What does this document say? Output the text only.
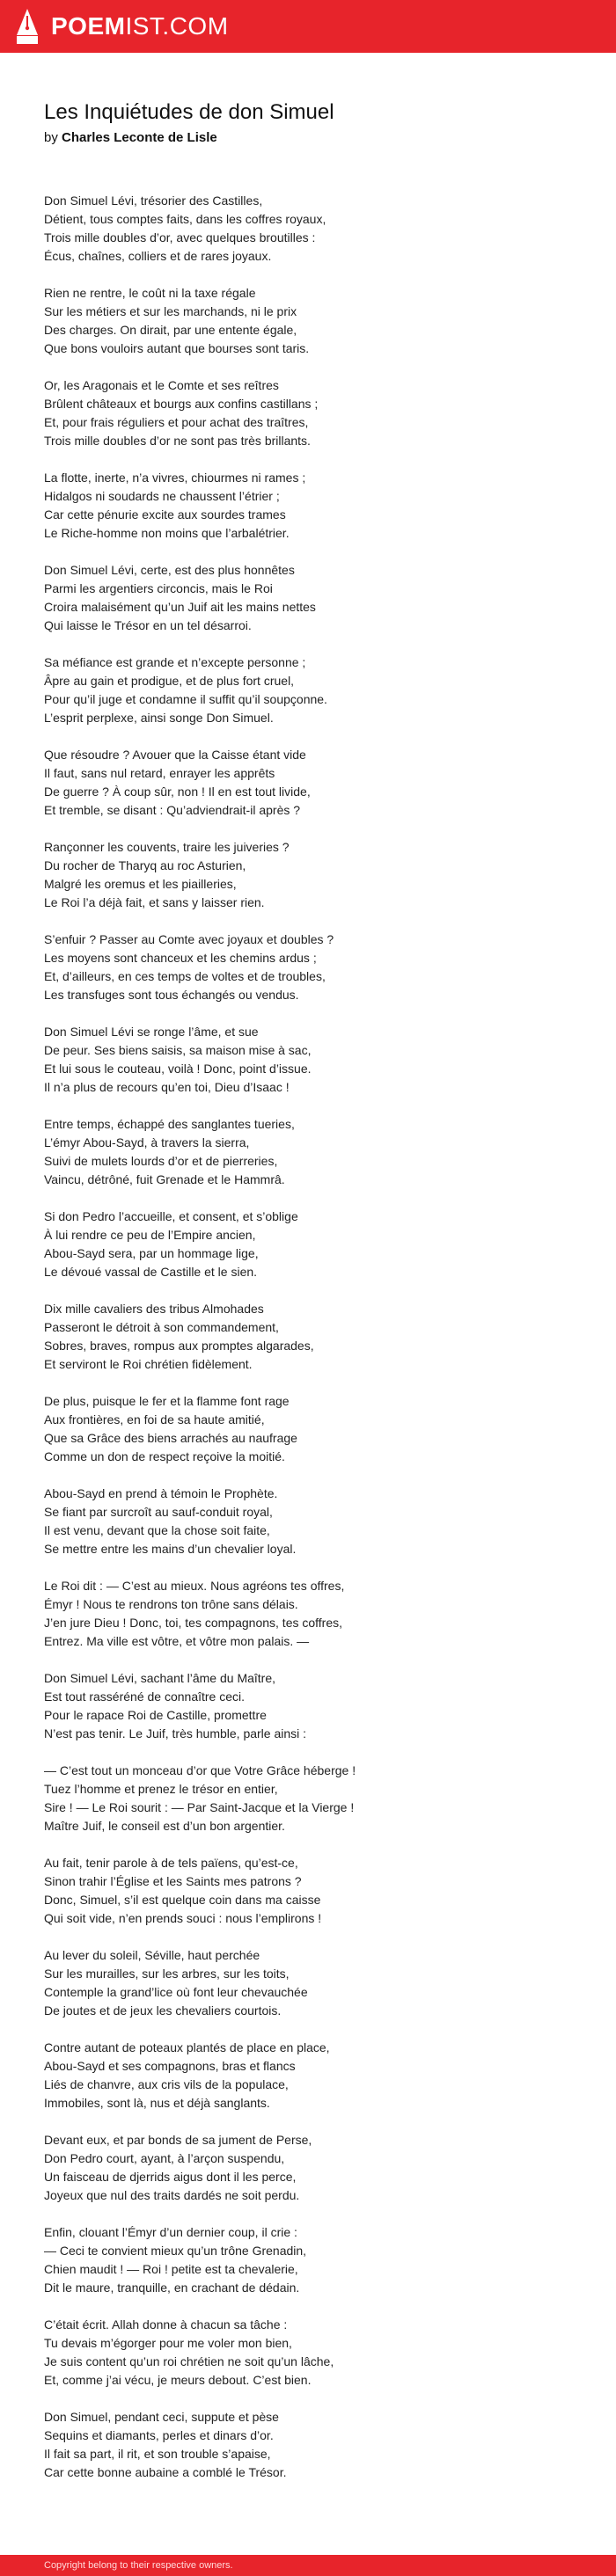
POEMIST.COM
Les Inquiétudes de don Simuel
by Charles Leconte de Lisle

Don Simuel Lévi, trésorier des Castilles,
Détient, tous comptes faits, dans les coffres royaux,
Trois mille doubles d’or, avec quelques broutilles :
Écus, chaînes, colliers et de rares joyaux.

Rien ne rentre, le coût ni la taxe régale
Sur les métiers et sur les marchands, ni le prix
Des charges. On dirait, par une entente égale,
Que bons vouloirs autant que bourses sont taris.

Or, les Aragonais et le Comte et ses reîtres
Brûlent châteaux et bourgs aux confins castillans ;
Et, pour frais réguliers et pour achat des traîtres,
Trois mille doubles d’or ne sont pas très brillants.

La flotte, inerte, n’a vivres, chiourmes ni rames ;
Hidalgos ni soudards ne chaussent l’étrier ;
Car cette pénurie excite aux sourdes trames
Le Riche-homme non moins que l’arbalétrier.

Don Simuel Lévi, certe, est des plus honnêtes
Parmi les argentiers circoncis, mais le Roi
Croira malaisément qu’un Juif ait les mains nettes
Qui laisse le Trésor en un tel désarroi.

Sa méfiance est grande et n’excepte personne ;
Âpre au gain et prodigue, et de plus fort cruel,
Pour qu’il juge et condamne il suffit qu’il soupçonne.
L’esprit perplexe, ainsi songe Don Simuel.

Que résoudre ? Avouer que la Caisse étant vide
Il faut, sans nul retard, enrayer les apprêts
De guerre ? À coup sûr, non ! Il en est tout livide,
Et tremble, se disant : Qu’adviendrait-il après ?

Rançonner les couvents, traire les juiveries ?
Du rocher de Tharyq au roc Asturien,
Malgré les oremus et les piailleries,
Le Roi l’a déjà fait, et sans y laisser rien.

S’enfuir ? Passer au Comte avec joyaux et doubles ?
Les moyens sont chanceux et les chemins ardus ;
Et, d’ailleurs, en ces temps de voltes et de troubles,
Les transfuges sont tous échangés ou vendus.

Don Simuel Lévi se ronge l’âme, et sue
De peur. Ses biens saisis, sa maison mise à sac,
Et lui sous le couteau, voilà ! Donc, point d’issue.
Il n’a plus de recours qu’en toi, Dieu d’Isaac !

Entre temps, échappé des sanglantes tueries,
L’émyr Abou-Sayd, à travers la sierra,
Suivi de mulets lourds d’or et de pierreries,
Vaincu, détrôné, fuit Grenade et le Hammrâ.

Si don Pedro l’accueille, et consent, et s’oblige
À lui rendre ce peu de l’Empire ancien,
Abou-Sayd sera, par un hommage lige,
Le dévoué vassal de Castille et le sien.

Dix mille cavaliers des tribus Almohades
Passeront le détroit à son commandement,
Sobres, braves, rompus aux promptes algarades,
Et serviront le Roi chrétien fidèlement.

De plus, puisque le fer et la flamme font rage
Aux frontières, en foi de sa haute amitié,
Que sa Grâce des biens arrachés au naufrage
Comme un don de respect reçoive la moitié.

Abou-Sayd en prend à témoin le Prophète.
Se fiant par surcroît au sauf-conduit royal,
Il est venu, devant que la chose soit faite,
Se mettre entre les mains d’un chevalier loyal.

Le Roi dit : — C’est au mieux. Nous agréons tes offres,
Émyr ! Nous te rendrons ton trône sans délais.
J’en jure Dieu ! Donc, toi, tes compagnons, tes coffres,
Entrez. Ma ville est vôtre, et vôtre mon palais. —

Don Simuel Lévi, sachant l’âme du Maître,
Est tout rasséréné de connaître ceci.
Pour le rapace Roi de Castille, promettre
N’est pas tenir. Le Juif, très humble, parle ainsi :

— C’est tout un monceau d’or que Votre Grâce héberge !
Tuez l’homme et prenez le trésor en entier,
Sire ! — Le Roi sourit : — Par Saint-Jacque et la Vierge !
Maître Juif, le conseil est d’un bon argentier.

Au fait, tenir parole à de tels païens, qu’est-ce,
Sinon trahir l’Église et les Saints mes patrons ?
Donc, Simuel, s’il est quelque coin dans ma caisse
Qui soit vide, n’en prends souci : nous l’emplirons !

Au lever du soleil, Séville, haut perchée
Sur les murailles, sur les arbres, sur les toits,
Contemple la grand’lice où font leur chevauchée
De joutes et de jeux les chevaliers courtois.

Contre autant de poteaux plantés de place en place,
Abou-Sayd et ses compagnons, bras et flancs
Liés de chanvre, aux cris vils de la populace,
Immobiles, sont là, nus et déjà sanglants.

Devant eux, et par bonds de sa jument de Perse,
Don Pedro court, ayant, à l’arçon suspendu,
Un faisceau de djerrids aigus dont il les perce,
Joyeux que nul des traits dardés ne soit perdu.

Enfin, clouant l’Émyr d’un dernier coup, il crie :
— Ceci te convient mieux qu’un trône Grenadin,
Chien maudit ! — Roi ! petite est ta chevalerie,
Dit le maure, tranquille, en crachant de dédain.

C’était écrit. Allah donne à chacun sa tâche :
Tu devais m’égorger pour me voler mon bien,
Je suis content qu’un roi chrétien ne soit qu’un lâche,
Et, comme j’ai vécu, je meurs debout. C’est bien.

Don Simuel, pendant ceci, suppute et pèse
Sequins et diamants, perles et dinars d’or.
Il fait sa part, il rit, et son trouble s’apaise,
Car cette bonne aubaine a comblé le Trésor.

Copyright belong to their respective owners.
